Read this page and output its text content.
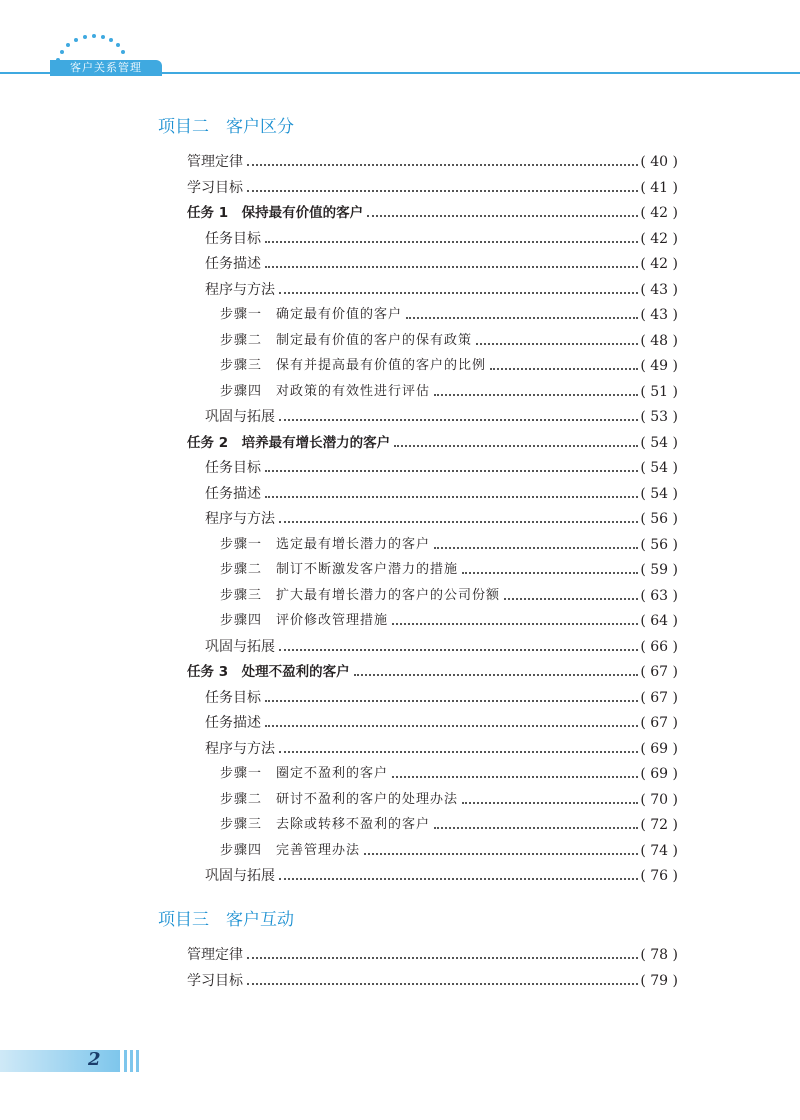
客户关系管理
项目二　客户区分
管理定律	( 40 )
学习目标	( 41 )
任务 1　保持最有价值的客户	( 42 )
任务目标	( 42 )
任务描述	( 42 )
程序与方法	( 43 )
步骤一　确定最有价值的客户	( 43 )
步骤二　制定最有价值的客户的保有政策	( 48 )
步骤三　保有并提高最有价值的客户的比例	( 49 )
步骤四　对政策的有效性进行评估	( 51 )
巩固与拓展	( 53 )
任务 2　培养最有增长潜力的客户	( 54 )
任务目标	( 54 )
任务描述	( 54 )
程序与方法	( 56 )
步骤一　选定最有增长潜力的客户	( 56 )
步骤二　制订不断激发客户潜力的措施	( 59 )
步骤三　扩大最有增长潜力的客户的公司份额	( 63 )
步骤四　评价修改管理措施	( 64 )
巩固与拓展	( 66 )
任务 3　处理不盈利的客户	( 67 )
任务目标	( 67 )
任务描述	( 67 )
程序与方法	( 69 )
步骤一　圈定不盈利的客户	( 69 )
步骤二　研讨不盈利的客户的处理办法	( 70 )
步骤三　去除或转移不盈利的客户	( 72 )
步骤四　完善管理办法	( 74 )
巩固与拓展	( 76 )
项目三　客户互动
管理定律	( 78 )
学习目标	( 79 )
2
